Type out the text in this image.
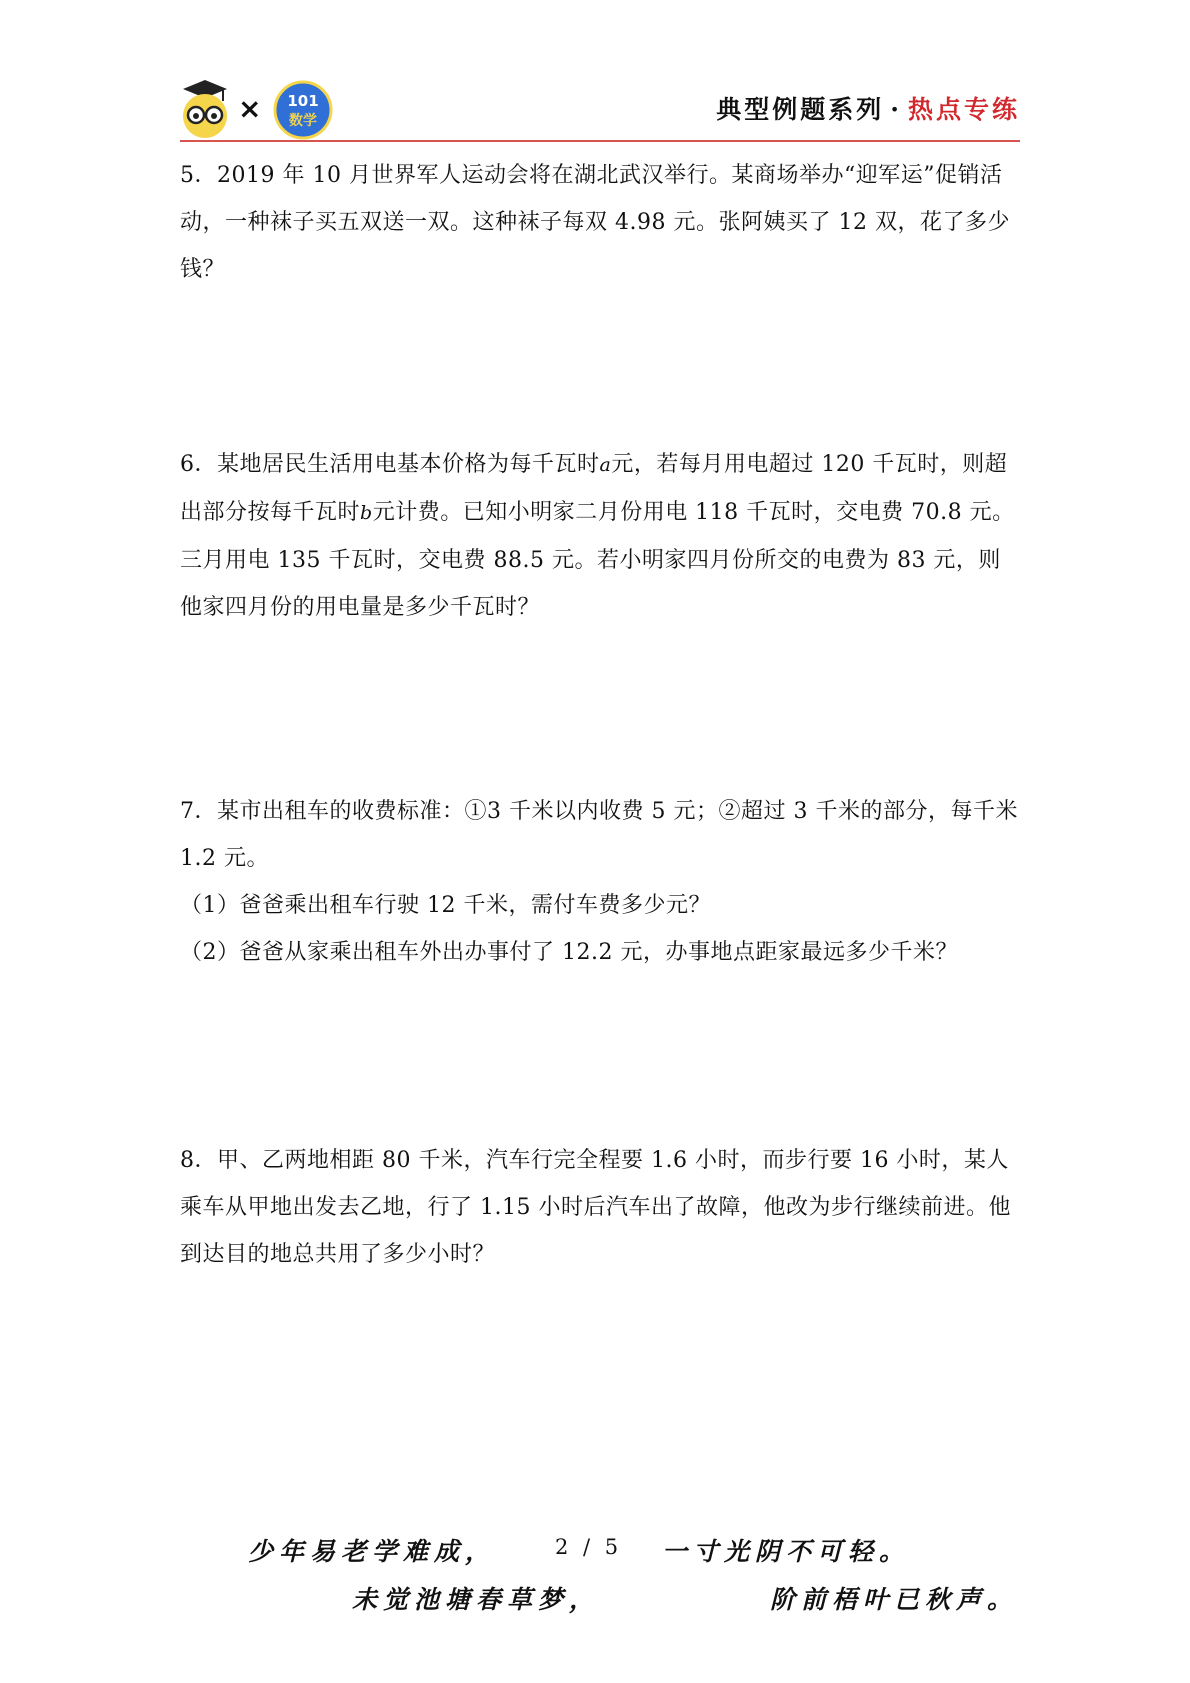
× 101
数学	典型例题系列 · 热点专练

5．2019 年 10 月世界军人运动会将在湖北武汉举行。某商场举办“迎军运”促销活动，一种袜子买五双送一双。这种袜子每双 4.98 元。张阿姨买了 12 双，花了多少钱？

6．某地居民生活用电基本价格为每千瓦时a元，若每月用电超过 120 千瓦时，则超出部分按每千瓦时b元计费。已知小明家二月份用电 118 千瓦时，交电费 70.8 元。三月用电 135 千瓦时，交电费 88.5 元。若小明家四月份所交的电费为 83 元，则他家四月份的用电量是多少千瓦时？

7．某市出租车的收费标准：①3 千米以内收费 5 元；②超过 3 千米的部分，每千米 1.2 元。

（1）爸爸乘出租车行驶 12 千米，需付车费多少元？

（2）爸爸从家乘出租车外出办事付了 12.2 元，办事地点距家最远多少千米？

8．甲、乙两地相距 80 千米，汽车行完全程要 1.6 小时，而步行要 16 小时，某人乘车从甲地出发去乙地，行了 1.15 小时后汽车出了故障，他改为步行继续前进。他到达目的地总共用了多少小时？

少年易老学难成，	2 / 5 一寸光阴不可轻。
未觉池塘春草梦，	阶前梧叶已秋声。
